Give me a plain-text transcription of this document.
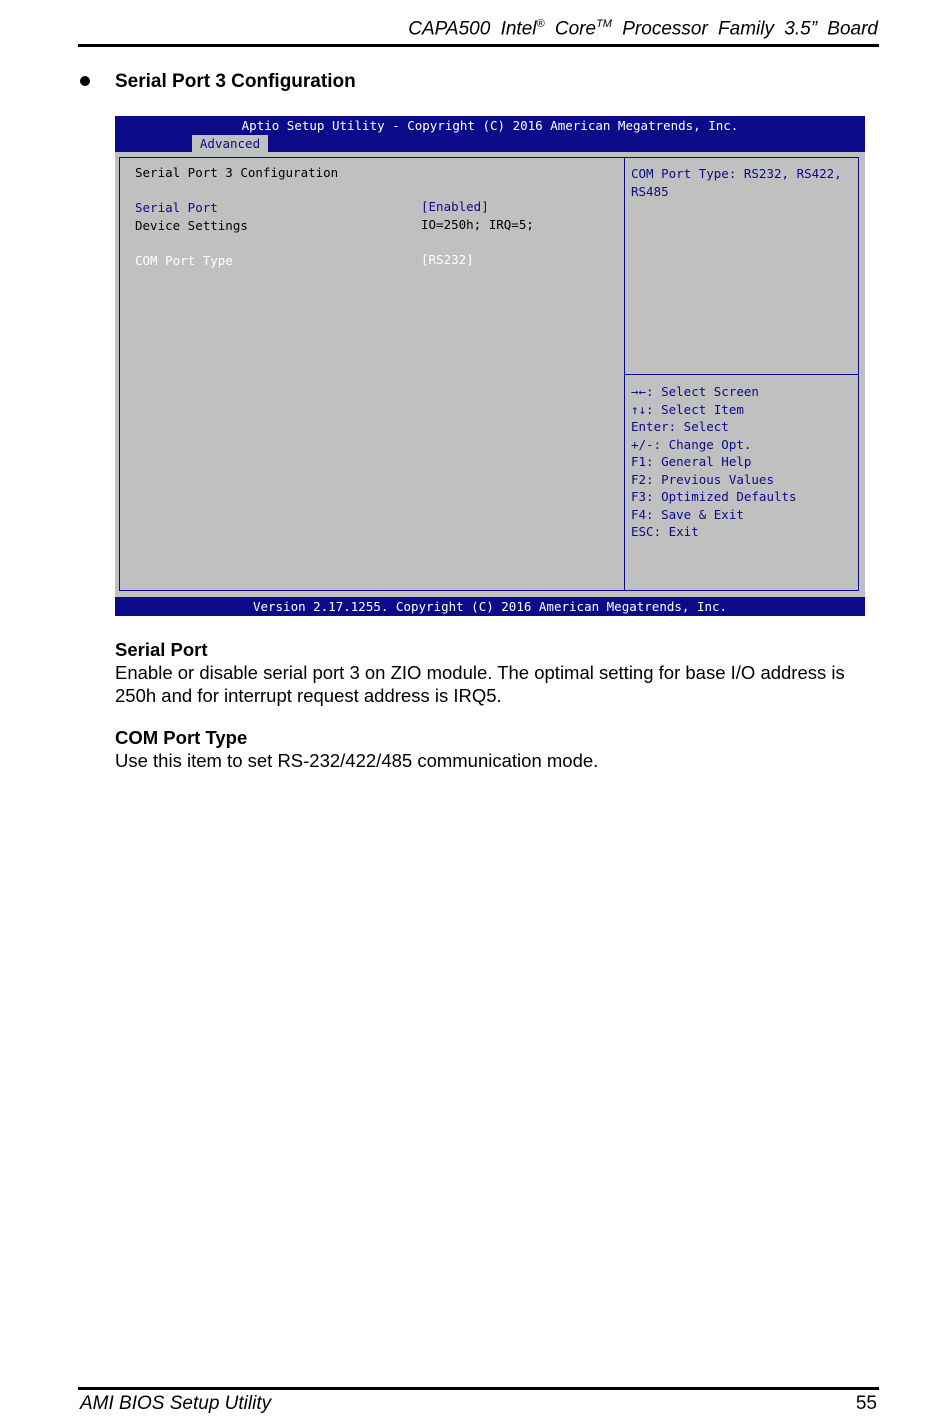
CAPA500 Intel® Core™ Processor Family 3.5” Board
Serial Port 3 Configuration
Aptio Setup Utility - Copyright (C) 2016 American Megatrends, Inc.
Advanced
Serial Port 3 Configuration
Serial Port	[Enabled]
Device Settings	IO=250h; IRQ=5;
COM Port Type	[RS232]
COM Port Type: RS232, RS422, RS485
→←: Select Screen
↑↓: Select Item
Enter: Select
+/-: Change Opt.
F1: General Help
F2: Previous Values
F3: Optimized Defaults
F4: Save & Exit
ESC: Exit
Version 2.17.1255. Copyright (C) 2016 American Megatrends, Inc.
Serial Port
Enable or disable serial port 3 on ZIO module. The optimal setting for base I/O address is 250h and for interrupt request address is IRQ5.
COM Port Type
Use this item to set RS-232/422/485 communication mode.
AMI BIOS Setup Utility	55
